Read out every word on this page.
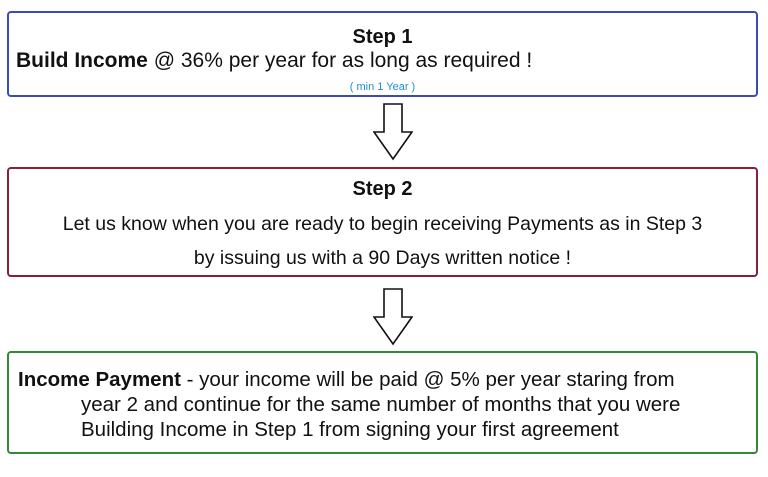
Step 1
Build Income @ 36% per year for as long as required !
( min 1 Year )
Step 2
Let us know when you are ready to begin receiving Payments as in Step 3
by issuing us with a 90 Days written notice !
Income Payment - your income will be paid @ 5% per year staring from
year 2 and continue for the same number of months that you were
Building Income in Step 1 from signing your first agreement
